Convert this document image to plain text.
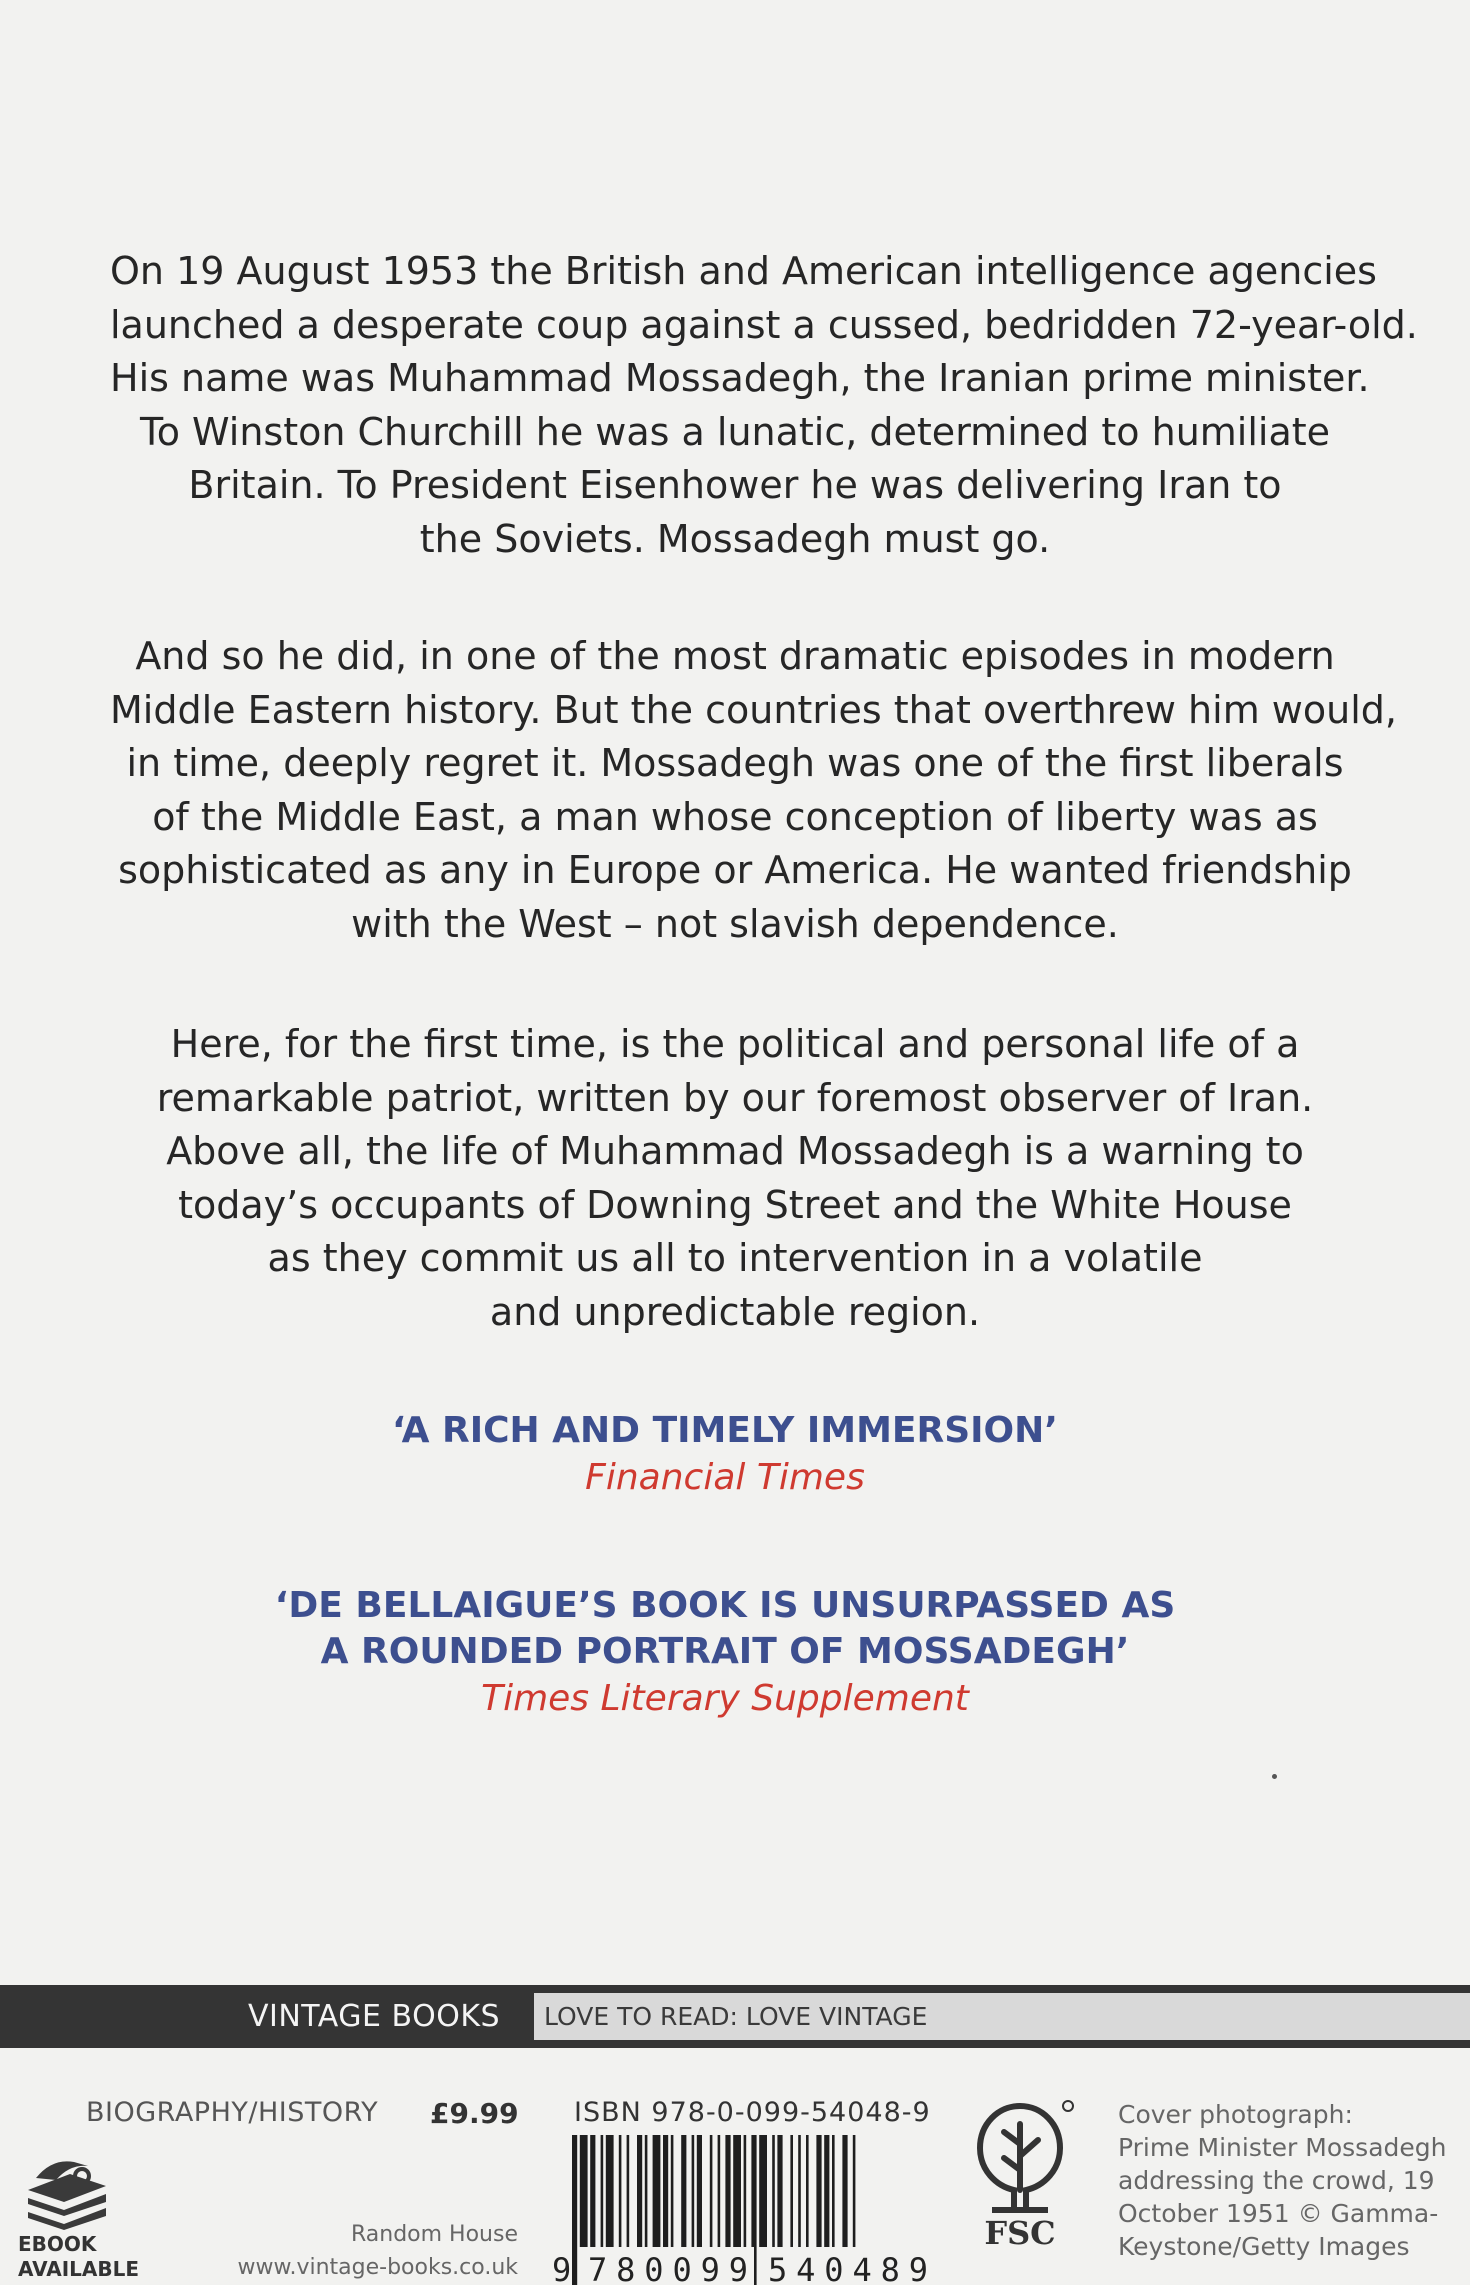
On 19 August 1953 the British and American intelligence agencies
launched a desperate coup against a cussed, bedridden 72-year-old.
His name was Muhammad Mossadegh, the Iranian prime minister.
To Winston Churchill he was a lunatic, determined to humiliate
Britain. To President Eisenhower he was delivering Iran to
the Soviets. Mossadegh must go.
And so he did, in one of the most dramatic episodes in modern
Middle Eastern history. But the countries that overthrew him would,
in time, deeply regret it. Mossadegh was one of the first liberals
of the Middle East, a man whose conception of liberty was as
sophisticated as any in Europe or America. He wanted friendship
with the West – not slavish dependence.
Here, for the first time, is the political and personal life of a
remarkable patriot, written by our foremost observer of Iran.
Above all, the life of Muhammad Mossadegh is a warning to
today’s occupants of Downing Street and the White House
as they commit us all to intervention in a volatile
and unpredictable region.
‘A RICH AND TIMELY IMMERSION’
Financial Times
‘DE BELLAIGUE’S BOOK IS UNSURPASSED AS
A ROUNDED PORTRAIT OF MOSSADEGH’
Times Literary Supplement
VINTAGE BOOKS	LOVE TO READ: LOVE VINTAGE
BIOGRAPHY/HISTORY £9.99 ISBN 978-0-099-54048-9
EBOOK
AVAILABLE
Random House
www.vintage-books.co.uk 9 780099 540489
FSC
Cover photograph:
Prime Minister Mossadegh
addressing the crowd, 19
October 1951 © Gamma-
Keystone/Getty Images
